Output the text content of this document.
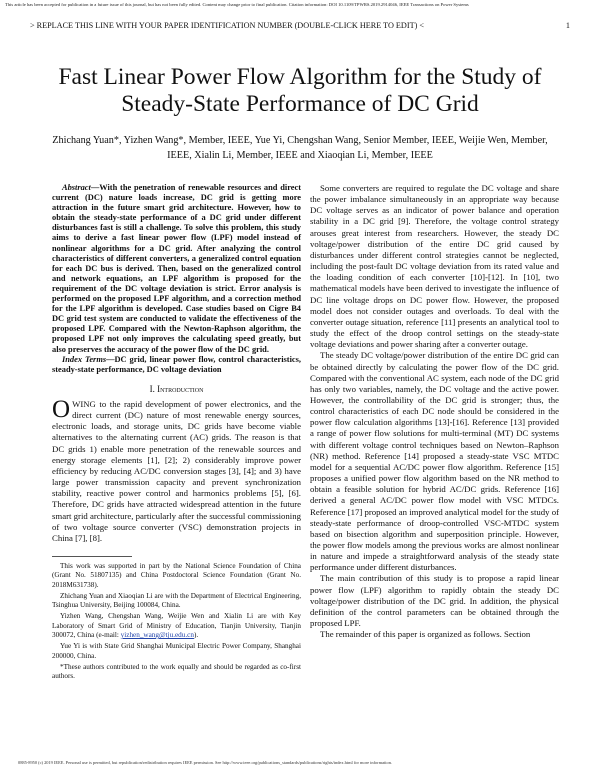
This article has been accepted for publication in a future issue of this journal, but has not been fully edited. Content may change prior to final publication. Citation information: DOI 10.1109/TPWRS.2019.2914046, IEEE Transactions on Power Systems
> REPLACE THIS LINE WITH YOUR PAPER IDENTIFICATION NUMBER (DOUBLE-CLICK HERE TO EDIT) <	1
Fast Linear Power Flow Algorithm for the Study of Steady-State Performance of DC Grid
Zhichang Yuan*, Yizhen Wang*, Member, IEEE, Yue Yi, Chengshan Wang, Senior Member, IEEE, Weijie Wen, Member, IEEE, Xialin Li, Member, IEEE and Xiaoqian Li, Member, IEEE

Abstract—With the penetration of renewable resources and direct current (DC) nature loads increase, DC grid is getting more attraction in the future smart grid architecture. However, how to obtain the steady-state performance of a DC grid under different disturbances fast is still a challenge. To solve this problem, this study aims to derive a fast linear power flow (LPF) model instead of nonlinear algorithms for a DC grid. After analyzing the control characteristics of different converters, a generalized control equation for each DC bus is derived. Then, based on the generalized control and network equations, an LPF algorithm is proposed for the requirement of the DC voltage deviation is strict. Error analysis is performed on the proposed LPF algorithm, and a correction method for the LPF algorithm is developed. Case studies based on Cigre B4 DC grid test system are conducted to validate the effectiveness of the proposed LPF. Compared with the Newton-Raphson algorithm, the proposed LPF not only improves the calculating speed greatly, but also preserves the accuracy of the power flow of the DC grid.

Index Terms—DC grid, linear power flow, control characteristics, steady-state performance, DC voltage deviation

I. Introduction

OWING to the rapid development of power electronics, and the direct current (DC) nature of most renewable energy sources, electronic loads, and storage units, DC grids have become viable alternatives to the alternating current (AC) grids. The reason is that DC grids 1) enable more penetration of the renewable sources and energy storage elements [1], [2]; 2) considerably improve power efficiency by reducing AC/DC conversion stages [3], [4]; and 3) have large power transmission capacity and prevent synchronization stability, reactive power control and harmonics problems [5], [6]. Therefore, DC grids have attracted widespread attention in the future smart grid architecture, particularly after the successful commissioning of two voltage source converter (VSC) demonstration projects in China [7], [8].

This work was supported in part by the National Science Foundation of China (Grant No. 51807135) and China Postdoctoral Science Foundation (Grant No. 2018M631738).

Zhichang Yuan and Xiaoqian Li are with the Department of Electrical Engineering, Tsinghua University, Beijing 100084, China.

Yizhen Wang, Chengshan Wang, Weijie Wen and Xialin Li are with Key Laboratory of Smart Grid of Ministry of Education, Tianjin University, Tianjin 300072, China (e-mail: yizhen_wang@tju.edu.cn).

Yue Yi is with State Grid Shanghai Municipal Electric Power Company, Shanghai 200000, China.

*These authors contributed to the work equally and should be regarded as co-first authors.

Some converters are required to regulate the DC voltage and share the power imbalance simultaneously in an appropriate way because DC voltage serves as an indicator of power balance and operation stability in a DC grid [9]. Therefore, the voltage control strategy arouses great interest from researchers. However, the steady DC voltage/power distribution of the entire DC grid caused by disturbances under different control strategies cannot be neglected, including the post-fault DC voltage deviation from its rated value and the loading condition of each converter [10]-[12]. In [10], two mathematical models have been derived to investigate the influence of DC line voltage drops on DC power flow. However, the proposed model does not consider outages and overloads. To deal with the converter outage situation, reference [11] presents an analytical tool to study the effect of the droop control settings on the steady-state voltage deviations and power sharing after a converter outage.

The steady DC voltage/power distribution of the entire DC grid can be obtained directly by calculating the power flow of the DC grid. Compared with the conventional AC system, each node of the DC grid has only two variables, namely, the DC voltage and the active power. However, the controllability of the DC grid is stronger; thus, the control characteristics of each DC node should be considered in the power flow calculation algorithms [13]-[16]. Reference [13] provided a range of power flow solutions for multi-terminal (MT) DC systems with different voltage control techniques based on Newton–Raphson (NR) method. Reference [14] proposed a steady-state VSC MTDC model for a sequential AC/DC power flow algorithm. Reference [15] proposes a unified power flow algorithm based on the NR method to obtain a feasible solution for hybrid AC/DC grids. Reference [16] derived a general AC/DC power flow model with VSC MTDCs. Reference [17] proposed an improved analytical model for the study of steady-state performance of droop-controlled VSC-MTDC system based on bisection algorithm and superposition principle. However, the power flow models among the previous works are almost nonlinear in nature and impede a straightforward analysis of the steady state performance under different disturbances.

The main contribution of this study is to propose a rapid linear power flow (LPF) algorithm to rapidly obtain the steady DC voltage/power distribution of the DC grid. In addition, the physical definition of the control parameters can be obtained through the proposed LPF.

The remainder of this paper is organized as follows. Section

0885-8950 (c) 2019 IEEE. Personal use is permitted, but republication/redistribution requires IEEE permission. See http://www.ieee.org/publications_standards/publications/rights/index.html for more information.
